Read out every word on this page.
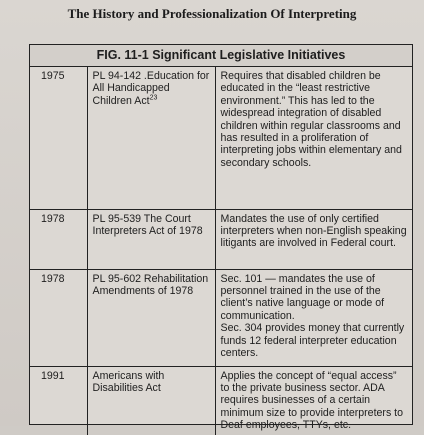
The History and Professionalization Of Interpreting
FIG. 11-1 Significant Legislative Initiatives
1975	PL 94-142 .Education for All Handicapped Children Act$^{23}$	Requires that disabled children be educated in the “least restrictive environment.” This has led to the widespread integration of disabled children within regular classrooms and has resulted in a proliferation of interpreting jobs within elementary and secondary schools.

1978	PL 95-539 The Court Interpreters Act of 1978	Mandates the use of only certified interpreters when non-English speaking litigants are involved in Federal court.

1978	PL 95-602 Rehabilitation Amendments of 1978	Sec. 101 — mandates the use of personnel trained in the use of the client’s native language or mode of communication.
Sec. 304 provides money that currently funds 12 federal interpreter education centers.

1991	Americans with Disabilities Act	Applies the concept of “equal access” to the private business sector. ADA requires businesses of a certain minimum size to provide interpreters to Deaf employees, TTYs, etc.
